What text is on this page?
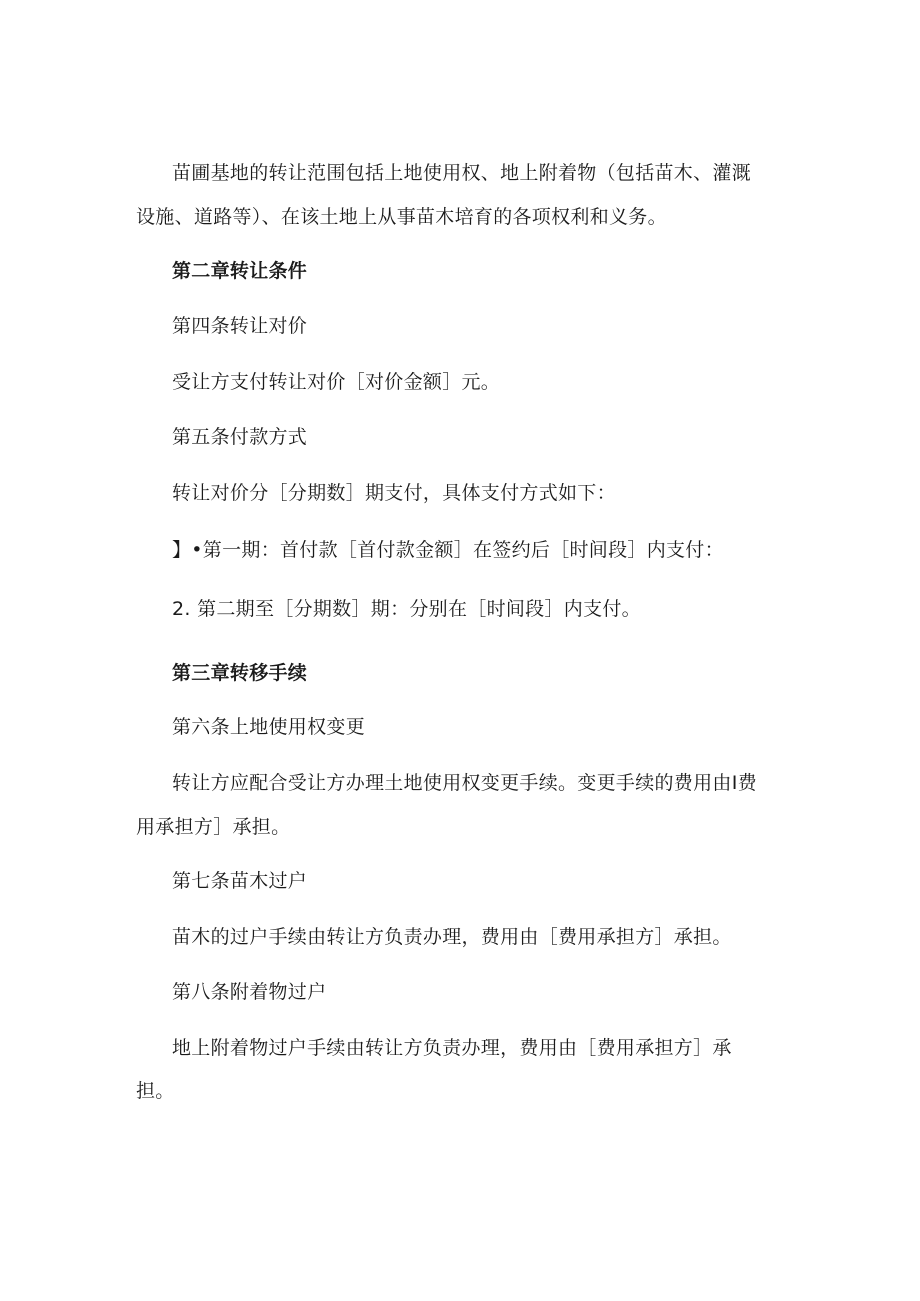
苗圃基地的转让范围包括上地使用权、地上附着物（包括苗木、灌溉
设施、道路等）、在该土地上从事苗木培育的各项权利和义务。
第二章转让条件
第四条转让对价
受让方支付转让对价［对价金额］元。
第五条付款方式
转让对价分［分期数］期支付，具体支付方式如下：
】•第一期：首付款［首付款金额］在签约后［时间段］内支付：
2. 第二期至［分期数］期：分别在［时间段］内支付。
第三章转移手续
第六条上地使用权变更
转让方应配合受让方办理土地使用权变更手续。变更手续的费用由I费
用承担方］承担。
第七条苗木过户
苗木的过户手续由转让方负责办理，费用由［费用承担方］承担。
第八条附着物过户
地上附着物过户手续由转让方负责办理，费用由［费用承担方］承
担。
